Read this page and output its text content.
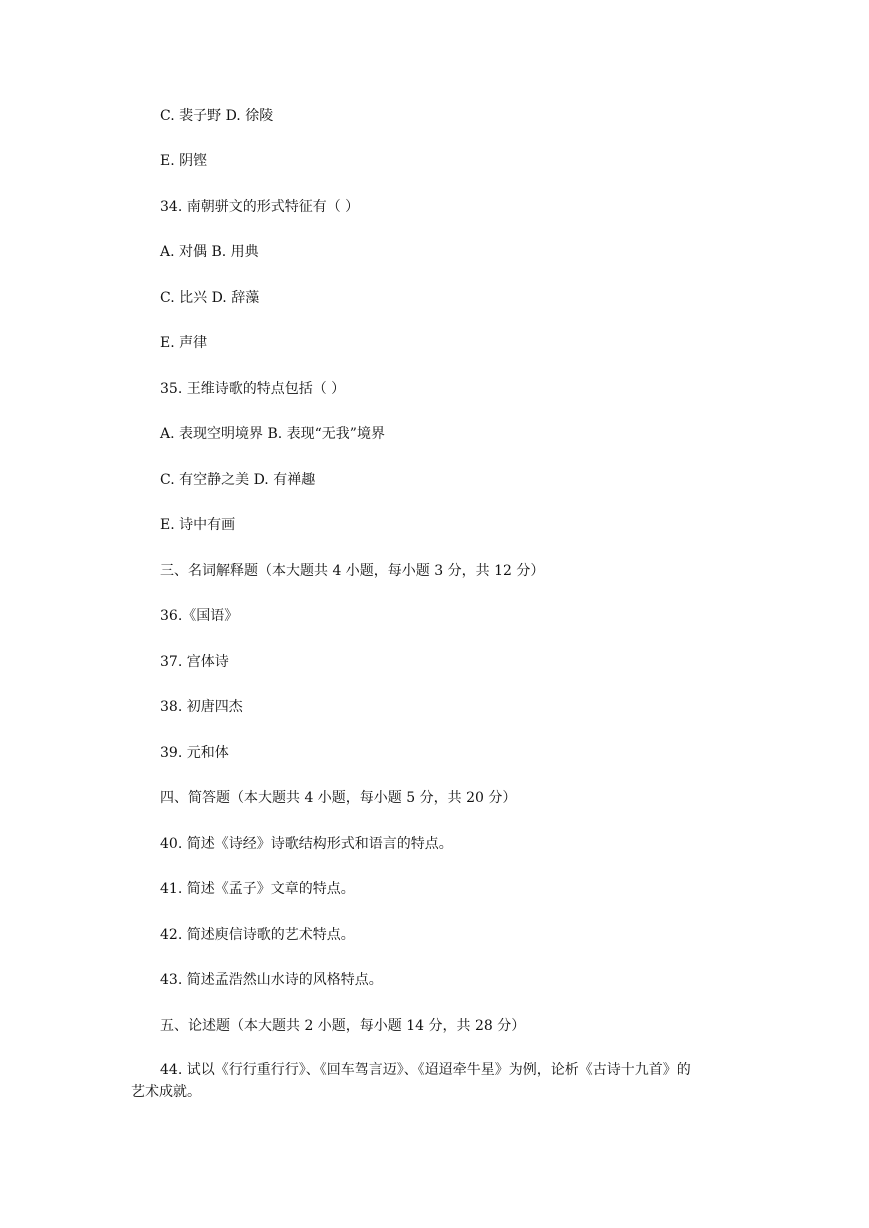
C. 裴子野 D. 徐陵
E. 阴铿
34. 南朝骈文的形式特征有（ ）
A. 对偶 B. 用典
C. 比兴 D. 辞藻
E. 声律
35. 王维诗歌的特点包括（ ）
A. 表现空明境界 B. 表现“无我”境界
C. 有空静之美 D. 有禅趣
E. 诗中有画
三、名词解释题（本大题共 4 小题，每小题 3 分，共 12 分）
36.《国语》
37. 宫体诗
38. 初唐四杰
39. 元和体
四、简答题（本大题共 4 小题，每小题 5 分，共 20 分）
40. 简述《诗经》诗歌结构形式和语言的特点。
41. 简述《孟子》文章的特点。
42. 简述庾信诗歌的艺术特点。
43. 简述孟浩然山水诗的风格特点。
五、论述题（本大题共 2 小题，每小题 14 分，共 28 分）
44. 试以《行行重行行》、《回车驾言迈》、《迢迢牵牛星》为例，论析《古诗十九首》的
艺术成就。
